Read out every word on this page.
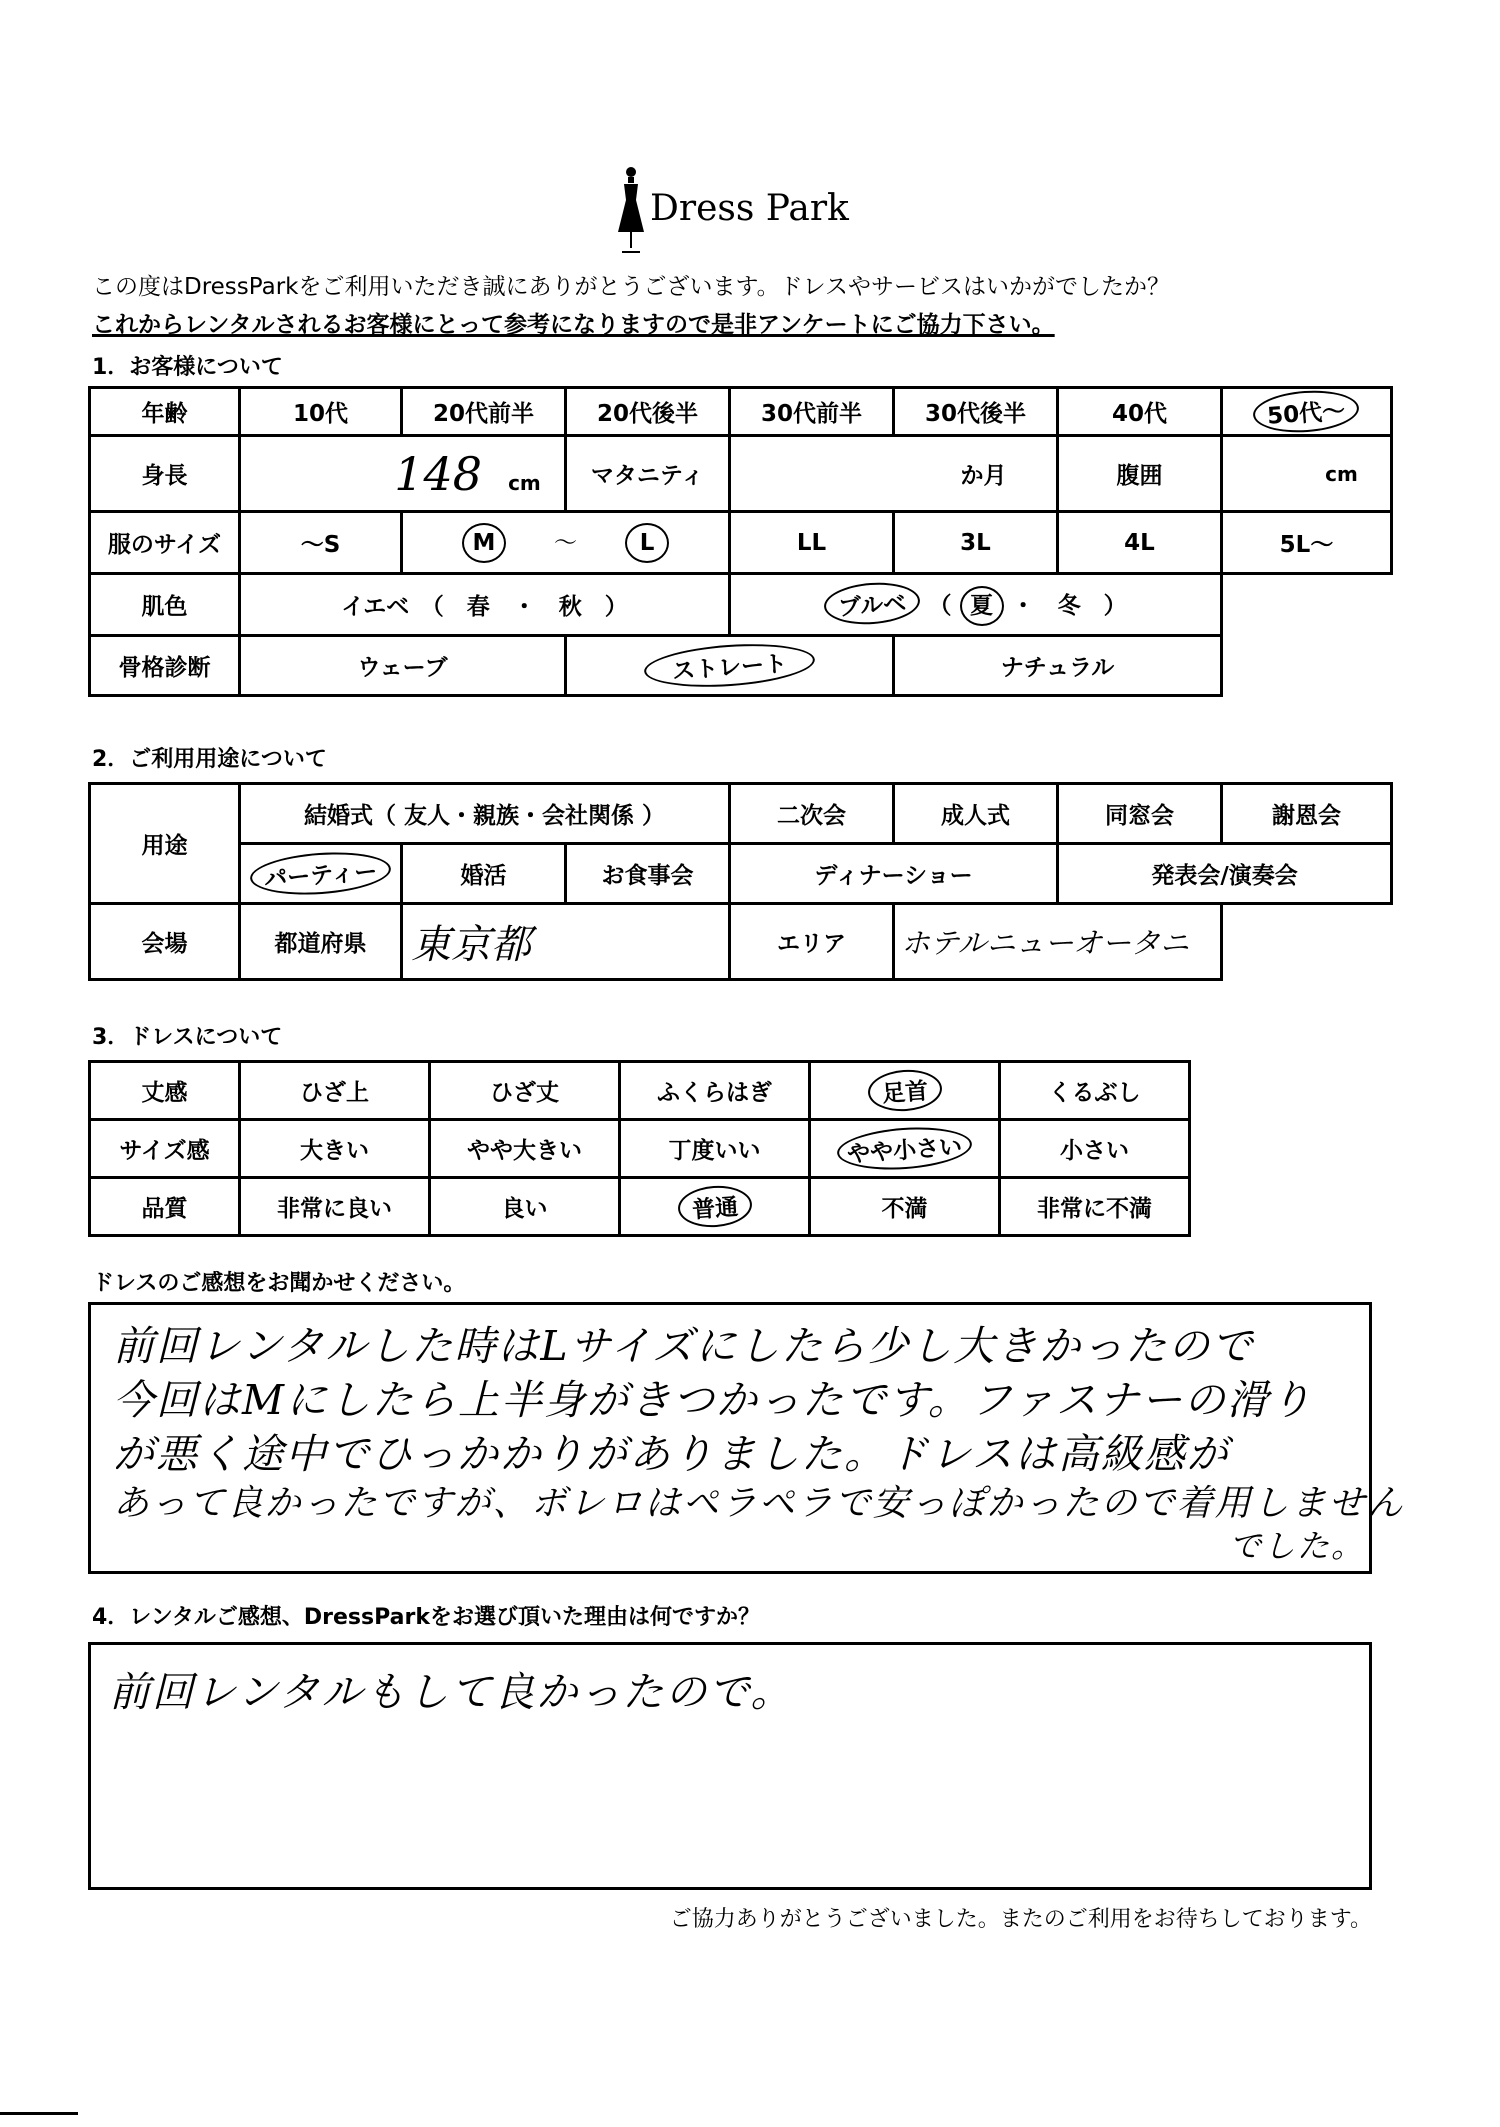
Dress Park
この度はDressParkをご利用いただき誠にありがとうございます。ドレスやサービスはいかがでしたか？
これからレンタルされるお客様にとって参考になりますので是非アンケートにご協力下さい。
1．お客様について
年齢	10代	20代前半	20代後半	30代前半	30代後半	40代	50代～
身長	148 cm		マタニティ	か月		腹囲	cm
服のサイズ	～S	M ～ L		LL	3L	4L	5L～
肌色	イエベ　（　春　・　秋　）			ブルベ （ 夏 ・　冬　）			
骨格診断	ウェーブ		ストレート		ナチュラル		
2．ご利用用途について
用途	結婚式（ 友人・親族・会社関係 ）			二次会	成人式	同窓会	謝恩会
	パーティー	婚活	お食事会	ディナーショー		発表会/演奏会	
会場	都道府県	東京都		エリア	ホテルニューオータニ		
3．ドレスについて
丈感	ひざ上	ひざ丈	ふくらはぎ	足首	くるぶし
サイズ感	大きい	やや大きい	丁度いい	やや小さい	小さい
品質	非常に良い	良い	普通	不満	非常に不満
ドレスのご感想をお聞かせください。
前回レンタルした時はLサイズにしたら少し大きかったので
今回はMにしたら上半身がきつかったです。ファスナーの滑り
が悪く途中でひっかかりがありました。ドレスは高級感が
あって良かったですが、ボレロはペラペラで安っぽかったので着用しません
でした。
4．レンタルご感想、DressParkをお選び頂いた理由は何ですか？
前回レンタルもして良かったので。
ご協力ありがとうございました。またのご利用をお待ちしております。
